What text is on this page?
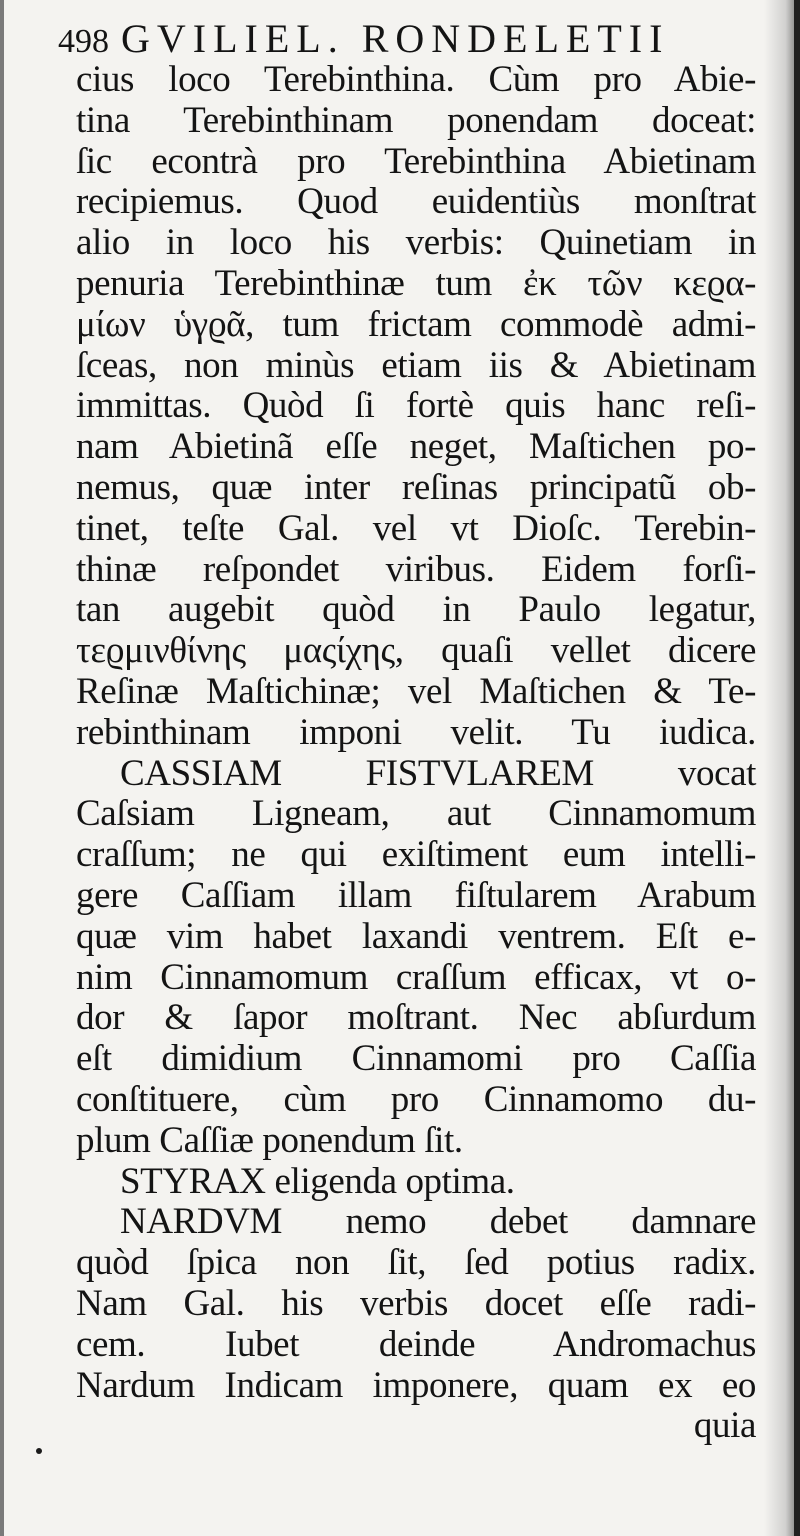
498 GVILIEL. RONDELETII
cius loco Terebinthina. Cùm pro Abie-
tina Terebinthinam ponendam doceat:
ſic econtrà pro Terebinthina Abietinam
recipiemus. Quod euidentiùs monſtrat
alio in loco his verbis: Quinetiam in
penuria Terebinthinæ tum ἐκ τῶν κεϱα-
μίων ὑγϱᾶ, tum frictam commodè admi-
ſceas, non minùs etiam iis & Abietinam
immittas. Quòd ſi fortè quis hanc reſi-
nam Abietinã eſſe neget, Maſtichen po-
nemus, quæ inter reſinas principatũ ob-
tinet, teſte Gal. vel vt Dioſc. Terebin-
thinæ reſpondet viribus. Eidem forſi-
tan augebit quòd in Paulo legatur,
τεϱμινθίνης μαςίχης, quaſi vellet dicere
Reſinæ Maſtichinæ; vel Maſtichen & Te-
rebinthinam imponi velit. Tu iudica.
CASSIAM FISTVLAREM vocat
Caſsiam Ligneam, aut Cinnamomum
craſſum; ne qui exiſtiment eum intelli-
gere Caſſiam illam fiſtularem Arabum
quæ vim habet laxandi ventrem. Eſt e-
nim Cinnamomum craſſum efficax, vt o-
dor & ſapor moſtrant. Nec abſurdum
eſt dimidium Cinnamomi pro Caſſia
conſtituere, cùm pro Cinnamomo du-
plum Caſſiæ ponendum ſit.
STYRAX eligenda optima.
NARDVM nemo debet damnare
quòd ſpica non ſit, ſed potius radix.
Nam Gal. his verbis docet eſſe radi-
cem. Iubet deinde Andromachus
Nardum Indicam imponere, quam ex eo
quia
